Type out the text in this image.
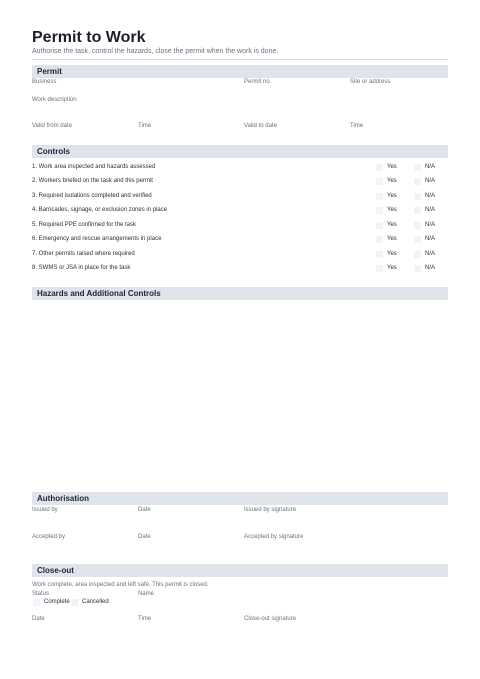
Permit to Work
Authorise the task, control the hazards, close the permit when the work is done.
Permit
Business	Permit no.	Site or address
Work description
Valid from date	Time	Valid to date	Time
Controls
1. Work area inspected and hazards assessed	Yes	N/A
2. Workers briefed on the task and this permit	Yes	N/A
3. Required isolations completed and verified	Yes	N/A
4. Barricades, signage, or exclusion zones in place	Yes	N/A
5. Required PPE confirmed for the task	Yes	N/A
6. Emergency and rescue arrangements in place	Yes	N/A
7. Other permits raised where required	Yes	N/A
8. SWMS or JSA in place for the task	Yes	N/A
Hazards and Additional Controls
Authorisation
Issued by	Date	Issued by signature
Accepted by	Date	Accepted by signature
Close-out
Work complete, area inspected and left safe. This permit is closed.
Status	Name
Complete Cancelled
Date	Time	Close-out signature
